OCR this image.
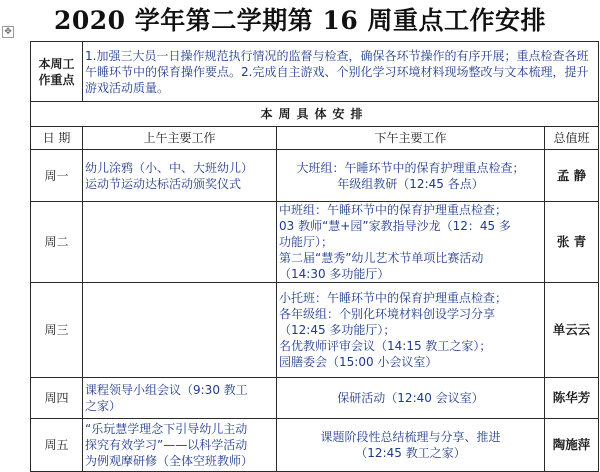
✥	2020 学年第二学期第 16 周重点工作安排
本周工作重点	1.加强三大员一日操作规范执行情况的监督与检查，确保各环节操作的有序开展；重点检查各班午睡环节中的保育操作要点。2.完成自主游戏、个别化学习环境材料现场整改与文本梳理，提升游戏活动质量。		
本周具体安排			
日 期	上午主要工作	下午主要工作	总值班
周一	幼儿涂鸦（小、中、大班幼儿）
运动节运动达标活动颁奖仪式	大班组：午睡环节中的保育护理重点检查；
年级组教研（12:45 各点）	孟 静
周二		中班组：午睡环节中的保育护理重点检查；
03 教师“慧+园”家教指导沙龙（12：45 多
功能厅）；
第二届“慧秀”幼儿艺术节单项比赛活动
（14:30 多功能厅）	张 青
周三		小托班：午睡环节中的保育护理重点检查；
各年级组：个别化环境材料创设学习分享
（12:45 多功能厅）；
名优教师评审会议（14:15 教工之家）；
园膳委会（15:00 小会议室）	单云云
周四	课程领导小组会议（9:30 教工
之家）	保研活动（12:40 会议室）	陈华芳
周五	“乐玩慧学理念下引导幼儿主动
探究有效学习”——以科学活动
为例观摩研修（全体空班教师）	课题阶段性总结梳理与分享、推进
（12:45 教工之家）	陶施萍
